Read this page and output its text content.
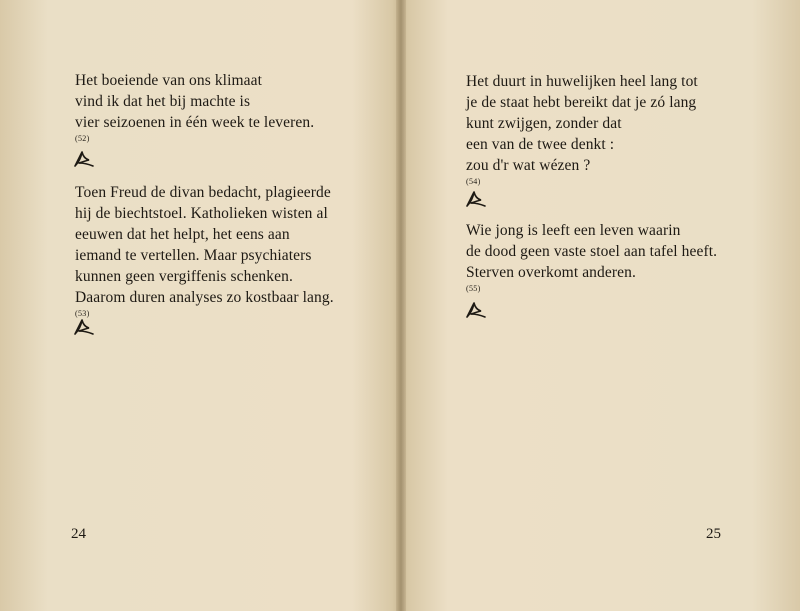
Het boeiende van ons klimaat
vind ik dat het bij machte is
vier seizoenen in één week te leveren.
(52)
Toen Freud de divan bedacht, plagieerde
hij de biechtstoel. Katholieken wisten al
eeuwen dat het helpt, het eens aan
iemand te vertellen. Maar psychiaters
kunnen geen vergiffenis schenken.
Daarom duren analyses zo kostbaar lang.
(53)
24
Het duurt in huwelijken heel lang tot
je de staat hebt bereikt dat je zó lang
kunt zwijgen, zonder dat
een van de twee denkt :
zou d'r wat wézen ?
(54)
Wie jong is leeft een leven waarin
de dood geen vaste stoel aan tafel heeft.
Sterven overkomt anderen.
(55)
25
